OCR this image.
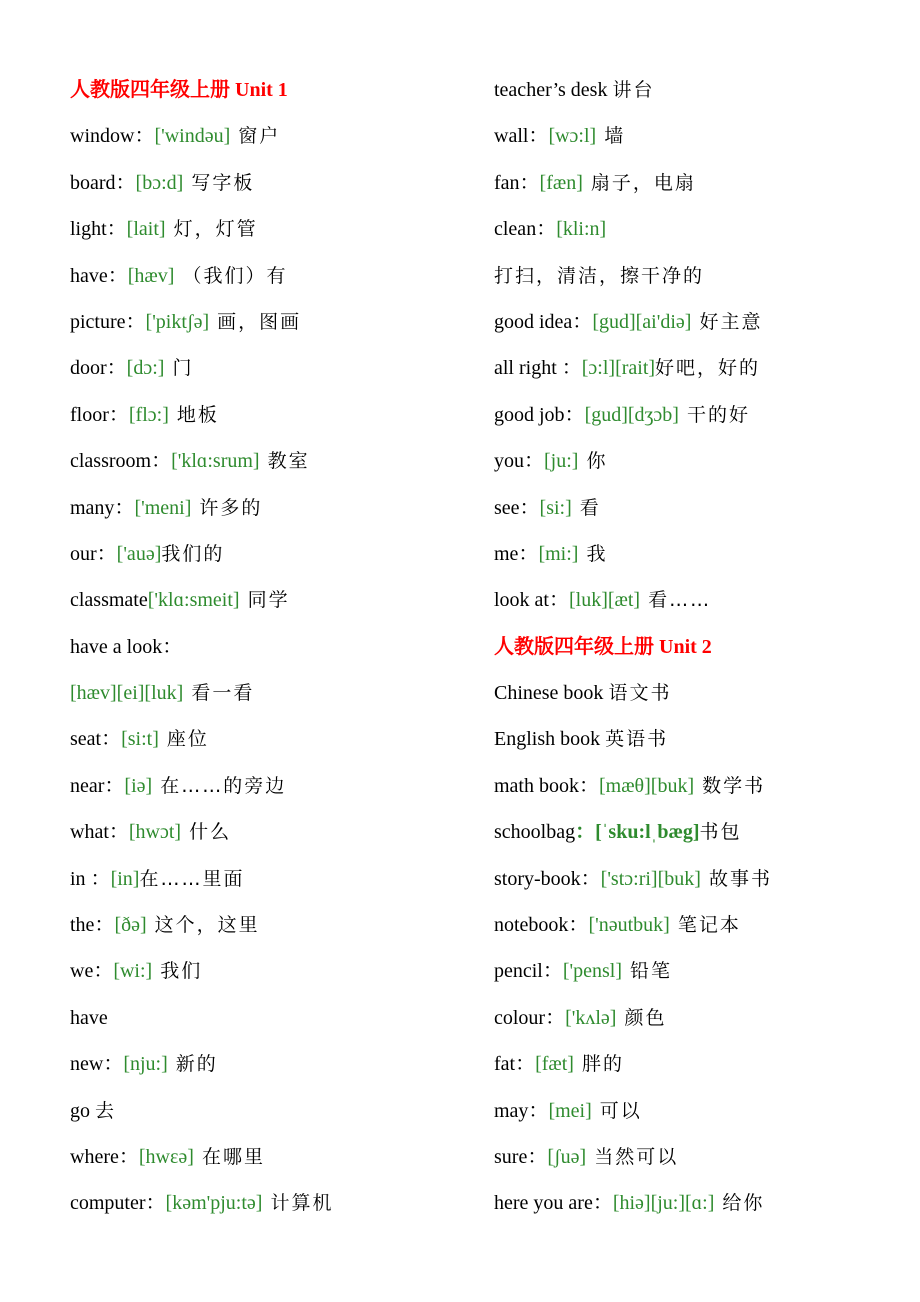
人教版四年级上册 Unit 1
window：['windəu] 窗户
board：[bɔ:d] 写字板
light：[lait] 灯，灯管
have：[hæv] （我们）有
picture：['piktʃə] 画，图画
door：[dɔ:] 门
floor：[flɔ:] 地板
classroom：['klɑ:srum] 教室
many：['meni] 许多的
our：['auə]我们的
classmate['klɑ:smeit] 同学
have a look：
[hæv][ei][luk] 看一看
seat：[si:t] 座位
near：[iə] 在……的旁边
what：[hwɔt] 什么
in ：[in]在……里面
the：[ðə] 这个，这里
we：[wi:] 我们
have
new：[nju:] 新的
go 去
where：[hwɛə] 在哪里
computer：[kəm'pju:tə] 计算机
teacher’s desk 讲台
wall：[wɔ:l] 墙
fan：[fæn] 扇子，电扇
clean：[kli:n]
打扫，清洁，擦干净的
good idea：[gud][ai'diə] 好主意
all right ：[ɔ:l][rait]好吧，好的
good job：[gud][dʒɔb] 干的好
you：[ju:] 你
see：[si:] 看
me：[mi:] 我
look at：[luk][æt] 看……
人教版四年级上册 Unit 2
Chinese book 语文书
English book 英语书
math book：[mæθ][buk] 数学书
schoolbag：[ˈsku:lˌbæg]书包
story-book：['stɔ:ri][buk] 故事书
notebook：['nəutbuk] 笔记本
pencil：['pensl] 铅笔
colour：['kʌlə] 颜色
fat：[fæt] 胖的
may：[mei] 可以
sure：[ʃuə] 当然可以
here you are：[hiə][ju:][ɑ:] 给你
